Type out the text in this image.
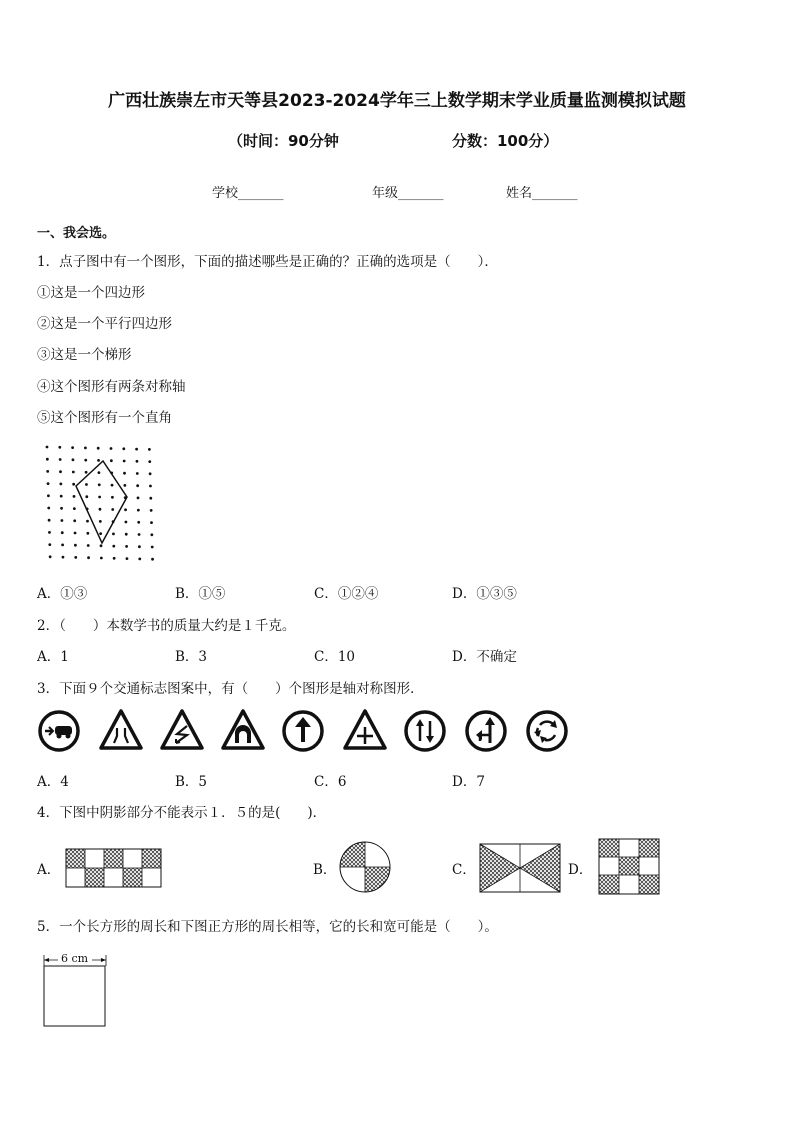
广西壮族崇左市天等县2023-2024学年三上数学期末学业质量监测模拟试题
（时间：90分钟	分数：100分）
学校_______	年级_______	姓名_______
一、我会选。
1．点子图中有一个图形，下面的描述哪些是正确的？正确的选项是（　　）．
①这是一个四边形
②这是一个平行四边形
③这是一个梯形
④这个图形有两条对称轴
⑤这个图形有一个直角
A．①③	B．①⑤	C．①②④	D．①③⑤
2．（　　）本数学书的质量大约是１千克。
A．1	B．3	C．10	D．不确定
3．下面９个交通标志图案中，有（　　）个图形是轴对称图形．
A．4	B．5	C．6	D．7
4．下图中阴影部分不能表示１．５的是(　　)．
A．	B．	C．	D．
5．一个长方形的周长和下图正方形的周长相等，它的长和宽可能是（　　）。
6 cm
